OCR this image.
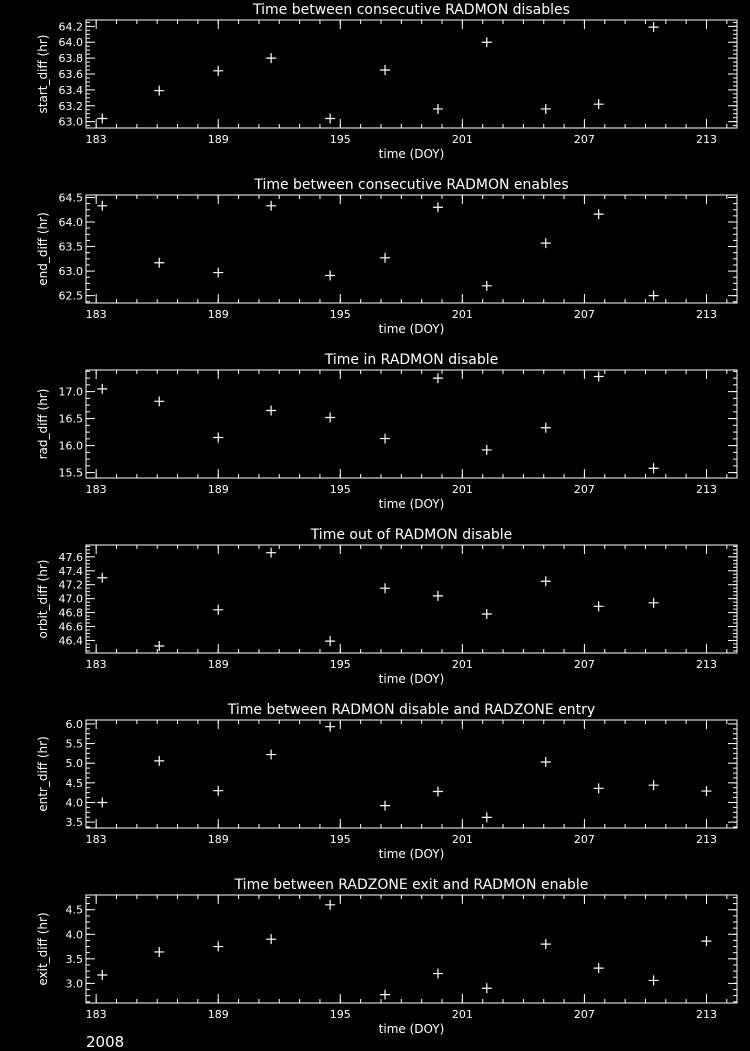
Time between consecutive RADMON disables
183	189	195	201	207	213
time (DOY)
63.0
63.2
63.4
63.6
63.8
64.0
64.2
start_diff (hr)
Time between consecutive RADMON enables
183	189	195	201	207	213
time (DOY)
62.5
63.0
63.5
64.0
64.5
end_diff (hr)
Time in RADMON disable
183	189	195	201	207	213
time (DOY)
15.5
16.0
16.5
17.0
rad_diff (hr)
Time out of RADMON disable
183	189	195	201	207	213
time (DOY)
46.4
46.6
46.8
47.0
47.2
47.4
47.6
orbit_diff (hr)
Time between RADMON disable and RADZONE entry
183	189	195	201	207	213
time (DOY)
3.5
4.0
4.5
5.0
5.5
6.0
entr_diff (hr)
Time between RADZONE exit and RADMON enable
183	189	195	201	207	213
time (DOY)
3.0
3.5
4.0
4.5
exit_diff (hr)
2008
